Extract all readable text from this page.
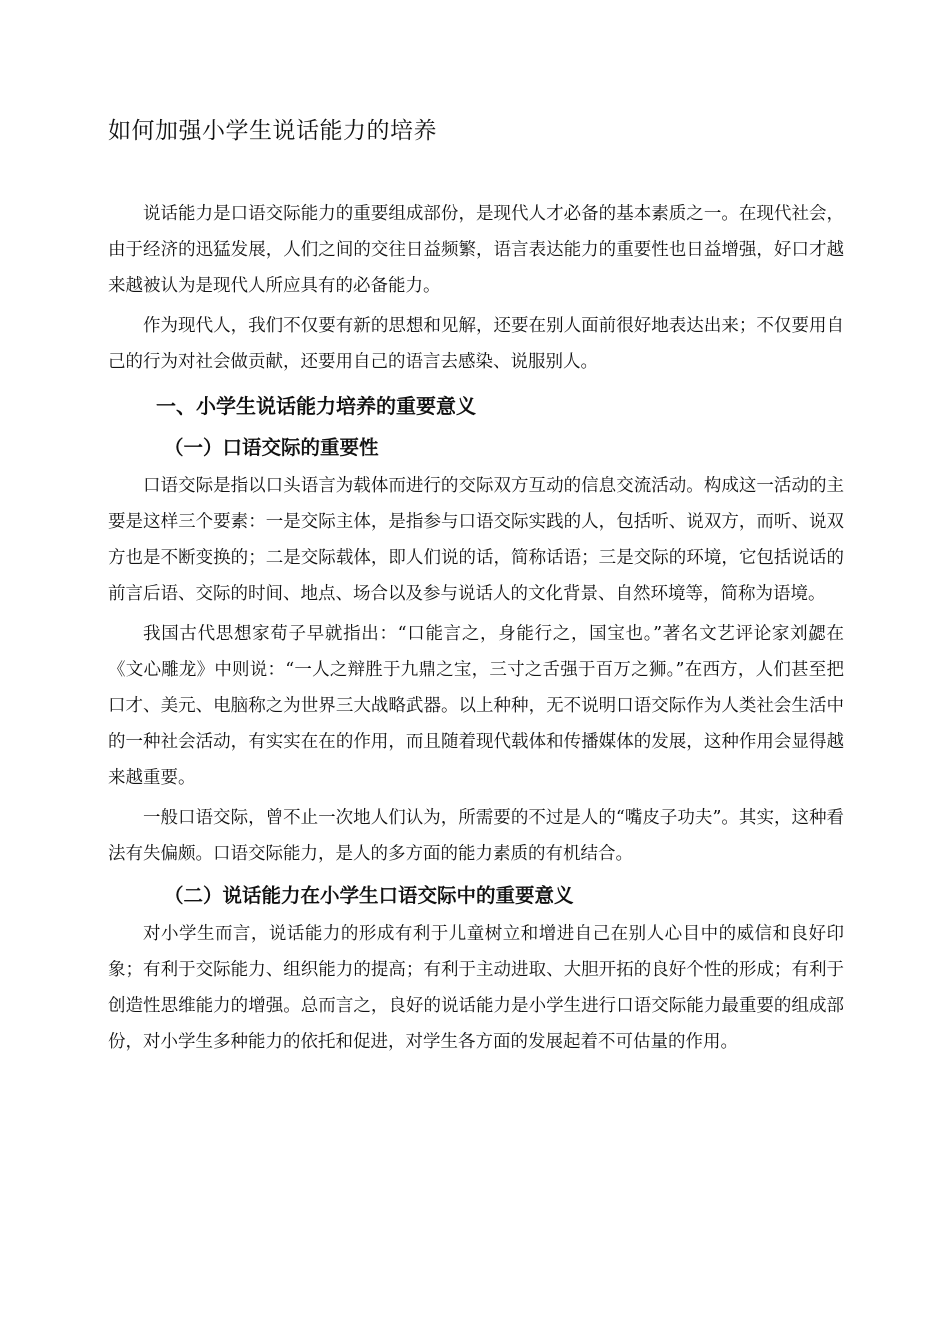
如何加强小学生说话能力的培养

说话能力是口语交际能力的重要组成部份，是现代人才必备的基本素质之一。在现代社会，由于经济的迅猛发展，人们之间的交往日益频繁，语言表达能力的重要性也日益增强，好口才越来越被认为是现代人所应具有的必备能力。

作为现代人，我们不仅要有新的思想和见解，还要在别人面前很好地表达出来；不仅要用自己的行为对社会做贡献，还要用自己的语言去感染、说服别人。

一、小学生说话能力培养的重要意义
（一）口语交际的重要性

口语交际是指以口头语言为载体而进行的交际双方互动的信息交流活动。构成这一活动的主要是这样三个要素：一是交际主体，是指参与口语交际实践的人，包括听、说双方，而听、说双方也是不断变换的；二是交际载体，即人们说的话，简称话语；三是交际的环境，它包括说话的前言后语、交际的时间、地点、场合以及参与说话人的文化背景、自然环境等，简称为语境。

我国古代思想家荀子早就指出：“口能言之，身能行之，国宝也。”著名文艺评论家刘勰在《文心雕龙》中则说：“一人之辩胜于九鼎之宝，三寸之舌强于百万之狮。”在西方，人们甚至把口才、美元、电脑称之为世界三大战略武器。以上种种，无不说明口语交际作为人类社会生活中的一种社会活动，有实实在在的作用，而且随着现代载体和传播媒体的发展，这种作用会显得越来越重要。

一般口语交际，曾不止一次地人们认为，所需要的不过是人的“嘴皮子功夫”。其实，这种看法有失偏颇。口语交际能力，是人的多方面的能力素质的有机结合。

（二）说话能力在小学生口语交际中的重要意义

对小学生而言，说话能力的形成有利于儿童树立和增进自己在别人心目中的威信和良好印象；有利于交际能力、组织能力的提高；有利于主动进取、大胆开拓的良好个性的形成；有利于创造性思维能力的增强。总而言之，良好的说话能力是小学生进行口语交际能力最重要的组成部份，对小学生多种能力的依托和促进，对学生各方面的发展起着不可估量的作用。
